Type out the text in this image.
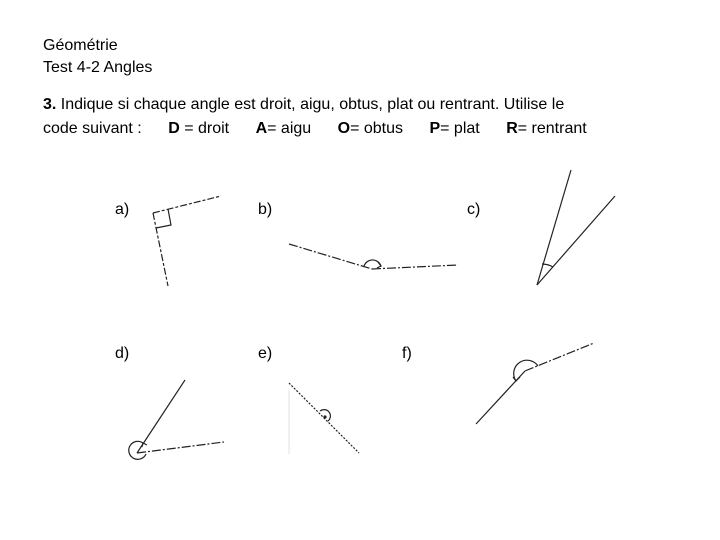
Géométrie
Test 4-2 Angles
3. Indique si chaque angle est droit, aigu, obtus, plat ou rentrant. Utilise le
code suivant : D = droit A= aigu O= obtus P= plat R= rentrant
a)	b)	c)
d)	e)	f)
